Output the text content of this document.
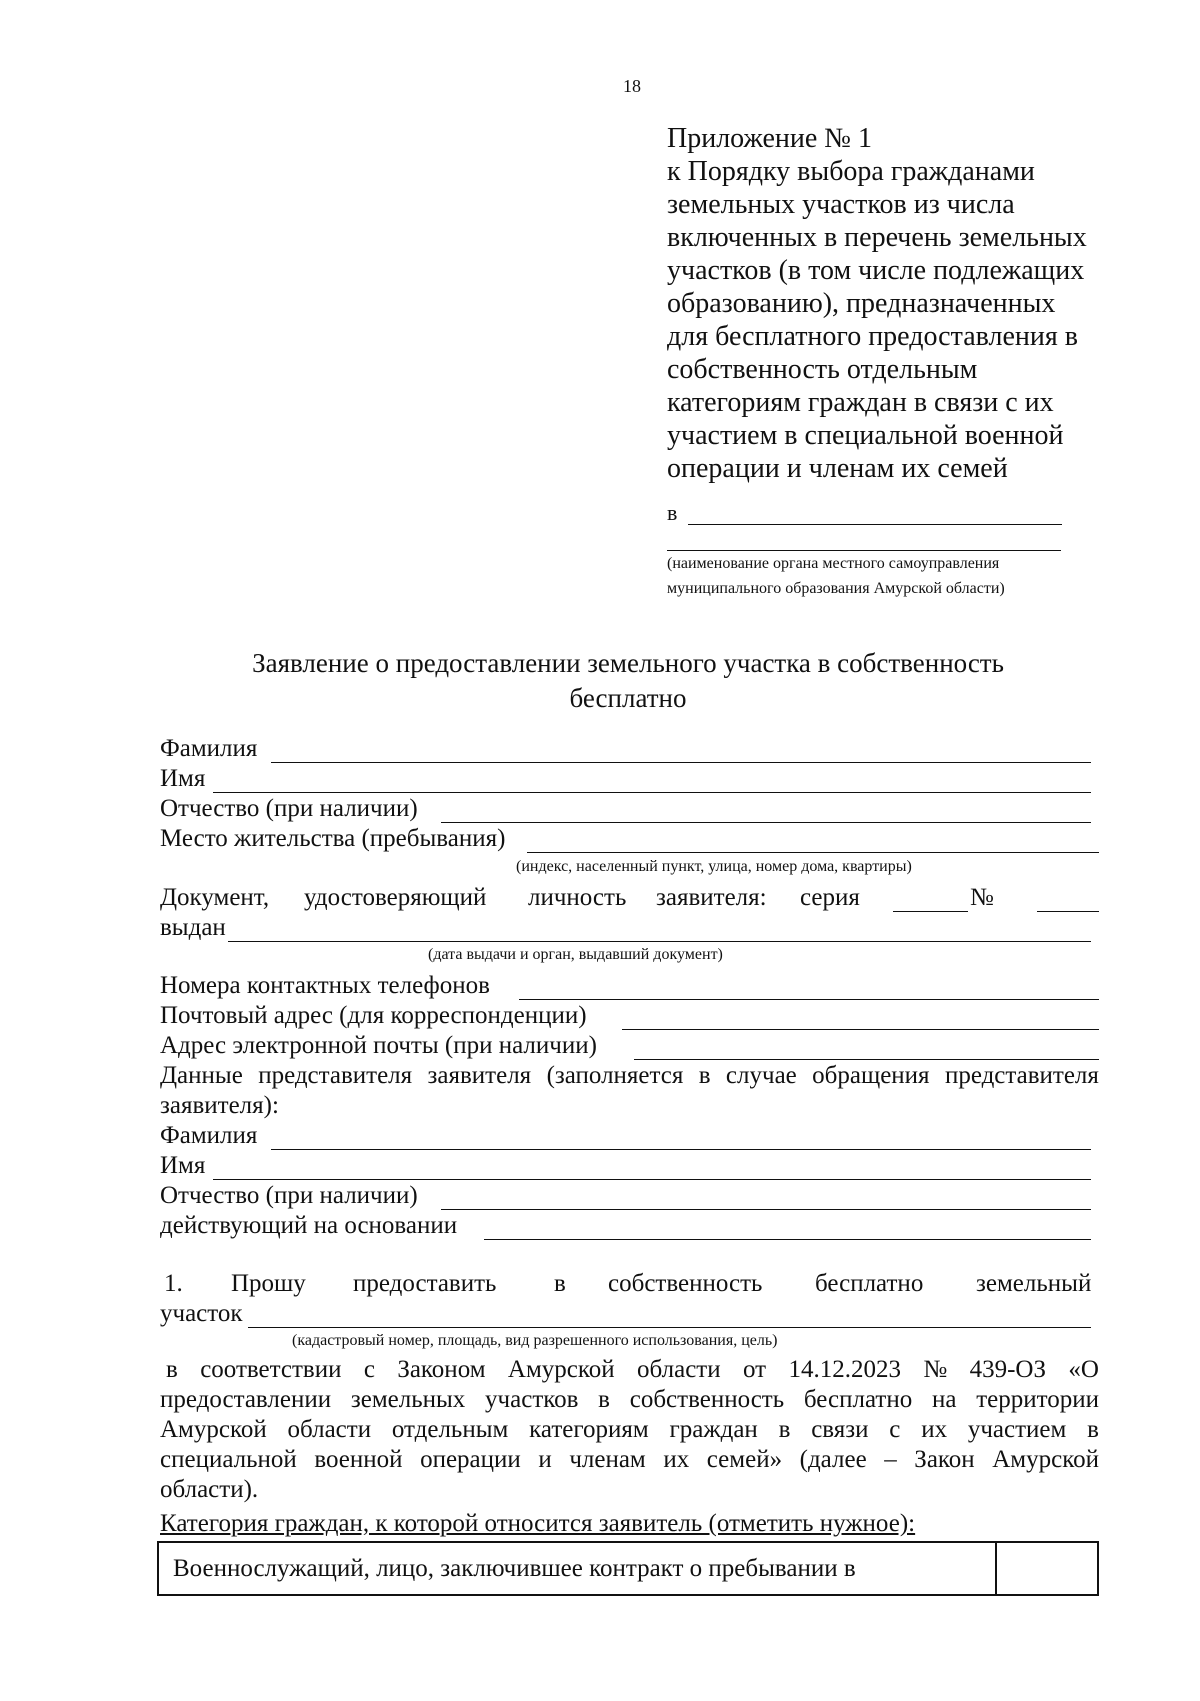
18
Приложение № 1
к Порядку выбора гражданами
земельных участков из числа
включенных в перечень земельных
участков (в том числе подлежащих
образованию), предназначенных
для бесплатного предоставления в
собственность отдельным
категориям граждан в связи с их
участием в специальной военной
операции и членам их семей
в
(наименование органа местного самоуправления
муниципального образования Амурской области)
Заявление о предоставлении земельного участка в собственность
бесплатно
Фамилия
Имя
Отчество (при наличии)
Место жительства (пребывания)
(индекс, населенный пункт, улица, номер дома, квартиры)
Документ, удостоверяющий личность заявителя: серия	№
выдан
(дата выдачи и орган, выдавший документ)
Номера контактных телефонов
Почтовый адрес (для корреспонденции)
Адрес электронной почты (при наличии)
Данные представителя заявителя (заполняется в случае обращения представителя
заявителя):
Фамилия
Имя
Отчество (при наличии)
действующий на основании
1. Прошу предоставить в собственность бесплатно земельный
участок
(кадастровый номер, площадь, вид разрешенного использования, цель)
в соответствии с Законом Амурской области от 14.12.2023 № 439-ОЗ «О
предоставлении земельных участков в собственность бесплатно на территории
Амурской области отдельным категориям граждан в связи с их участием в
специальной военной операции и членам их семей» (далее – Закон Амурской
области).
Категория граждан, к которой относится заявитель (отметить нужное):
Военнослужащий, лицо, заключившее контракт о пребывании в	
